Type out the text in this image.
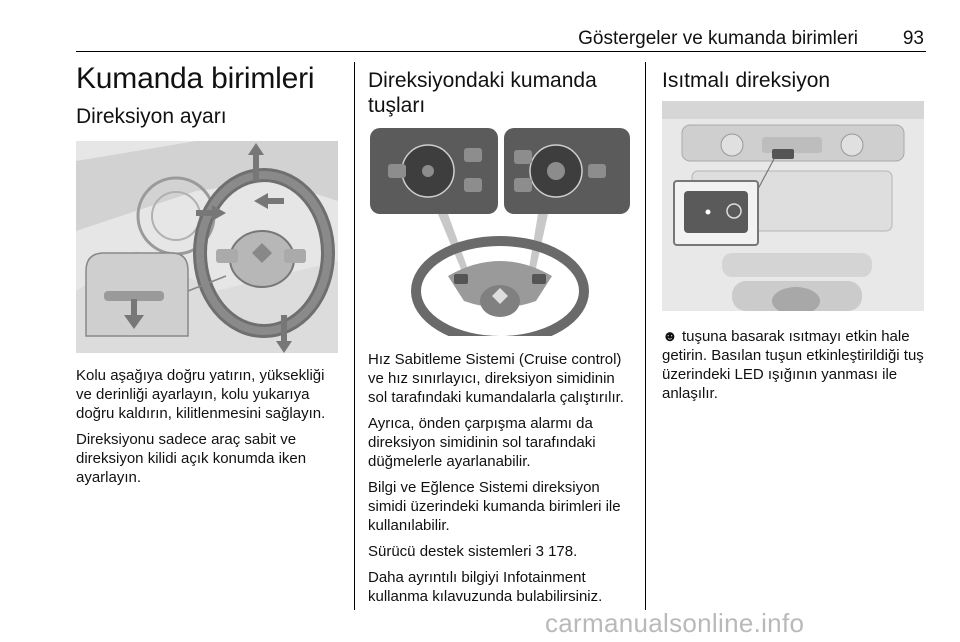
Göstergeler ve kumanda birimleri	93
Kumanda birimleri
Direksiyon ayarı

Kolu aşağıya doğru yatırın, yüksekliği ve derinliği ayarlayın, kolu yukarıya doğru kaldırın, kilitlenmesini sağlayın.

Direksiyonu sadece araç sabit ve direksiyon kilidi açık konumda iken ayarlayın.

Direksiyondaki kumanda tuşları

Hız Sabitleme Sistemi (Cruise control) ve hız sınırlayıcı, direksiyon simidinin sol tarafındaki kumandalarla çalıştırılır.

Ayrıca, önden çarpışma alarmı da direksiyon simidinin sol tarafındaki düğmelerle ayarlanabilir.

Bilgi ve Eğlence Sistemi direksiyon simidi üzerindeki kumanda birimleri ile kullanılabilir.

Sürücü destek sistemleri 3 178.

Daha ayrıntılı bilgiyi Infotainment kullanma kılavuzunda bulabilirsiniz.

Isıtmalı direksiyon

☻ tuşuna basarak ısıtmayı etkin hale getirin. Basılan tuşun etkinleştirildiği tuş üzerindeki LED ışığının yanması ile anlaşılır.

carmanualsonline.info
